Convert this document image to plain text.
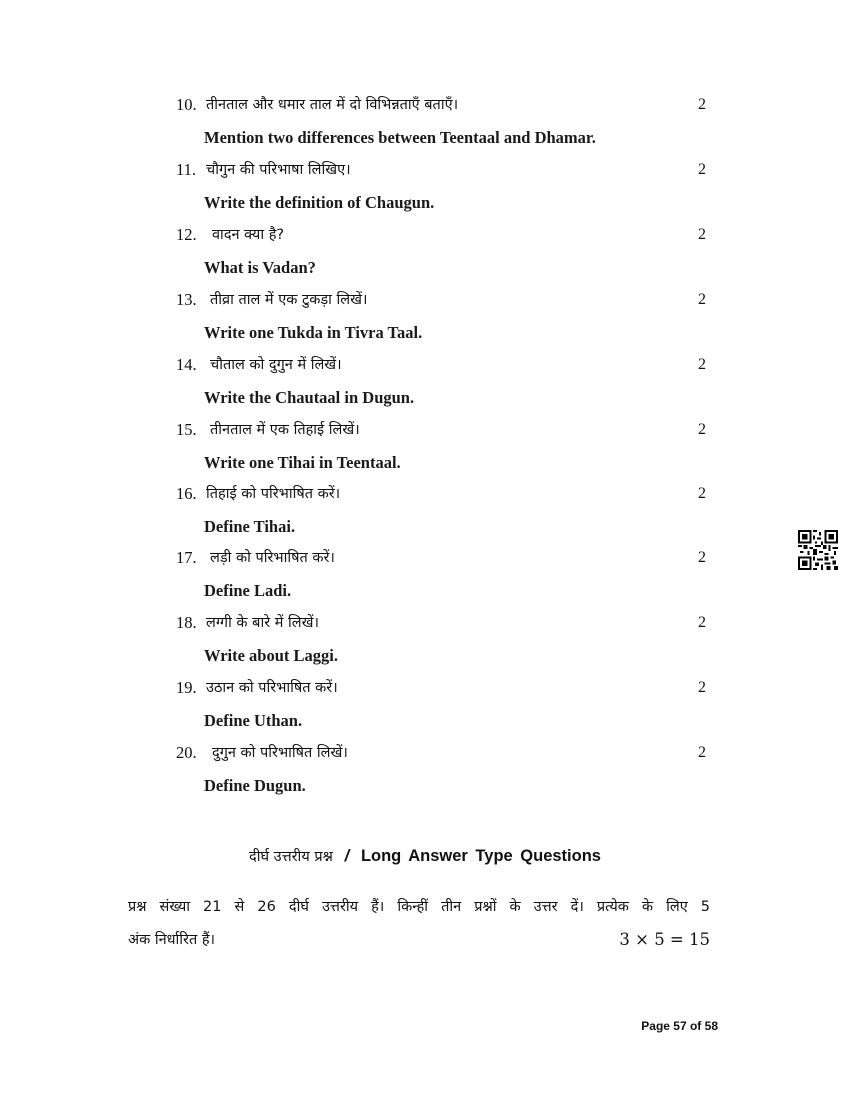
10. तीनताल और धमार ताल में दो विभिन्नताएँ बताएँ।	2
Mention two differences between Teentaal and Dhamar.
11. चौगुन की परिभाषा लिखिए।	2
Write the definition of Chaugun.
12. वादन क्या है?	2
What is Vadan?
13. तीव्रा ताल में एक टुकड़ा लिखें।	2
Write one Tukda in Tivra Taal.
14. चौताल को दुगुन में लिखें।	2
Write the Chautaal in Dugun.
15. तीनताल में एक तिहाई लिखें।	2
Write one Tihai in Teentaal.
16. तिहाई को परिभाषित करें।	2
Define Tihai.
17. लड़ी को परिभाषित करें।	2
Define Ladi.
18. लग्गी के बारे में लिखें।	2
Write about Laggi.
19. उठान को परिभाषित करें।	2
Define Uthan.
20. दुगुन को परिभाषित लिखें।	2
Define Dugun.
दीर्घ उत्तरीय प्रश्न / Long Answer Type Questions
प्रश्न संख्या 21 से 26 दीर्घ उत्तरीय हैं। किन्हीं तीन प्रश्नों के उत्तर दें। प्रत्येक के लिए 5
अंक निर्धारित हैं।	3 × 5 = 15
Page 57 of 58
